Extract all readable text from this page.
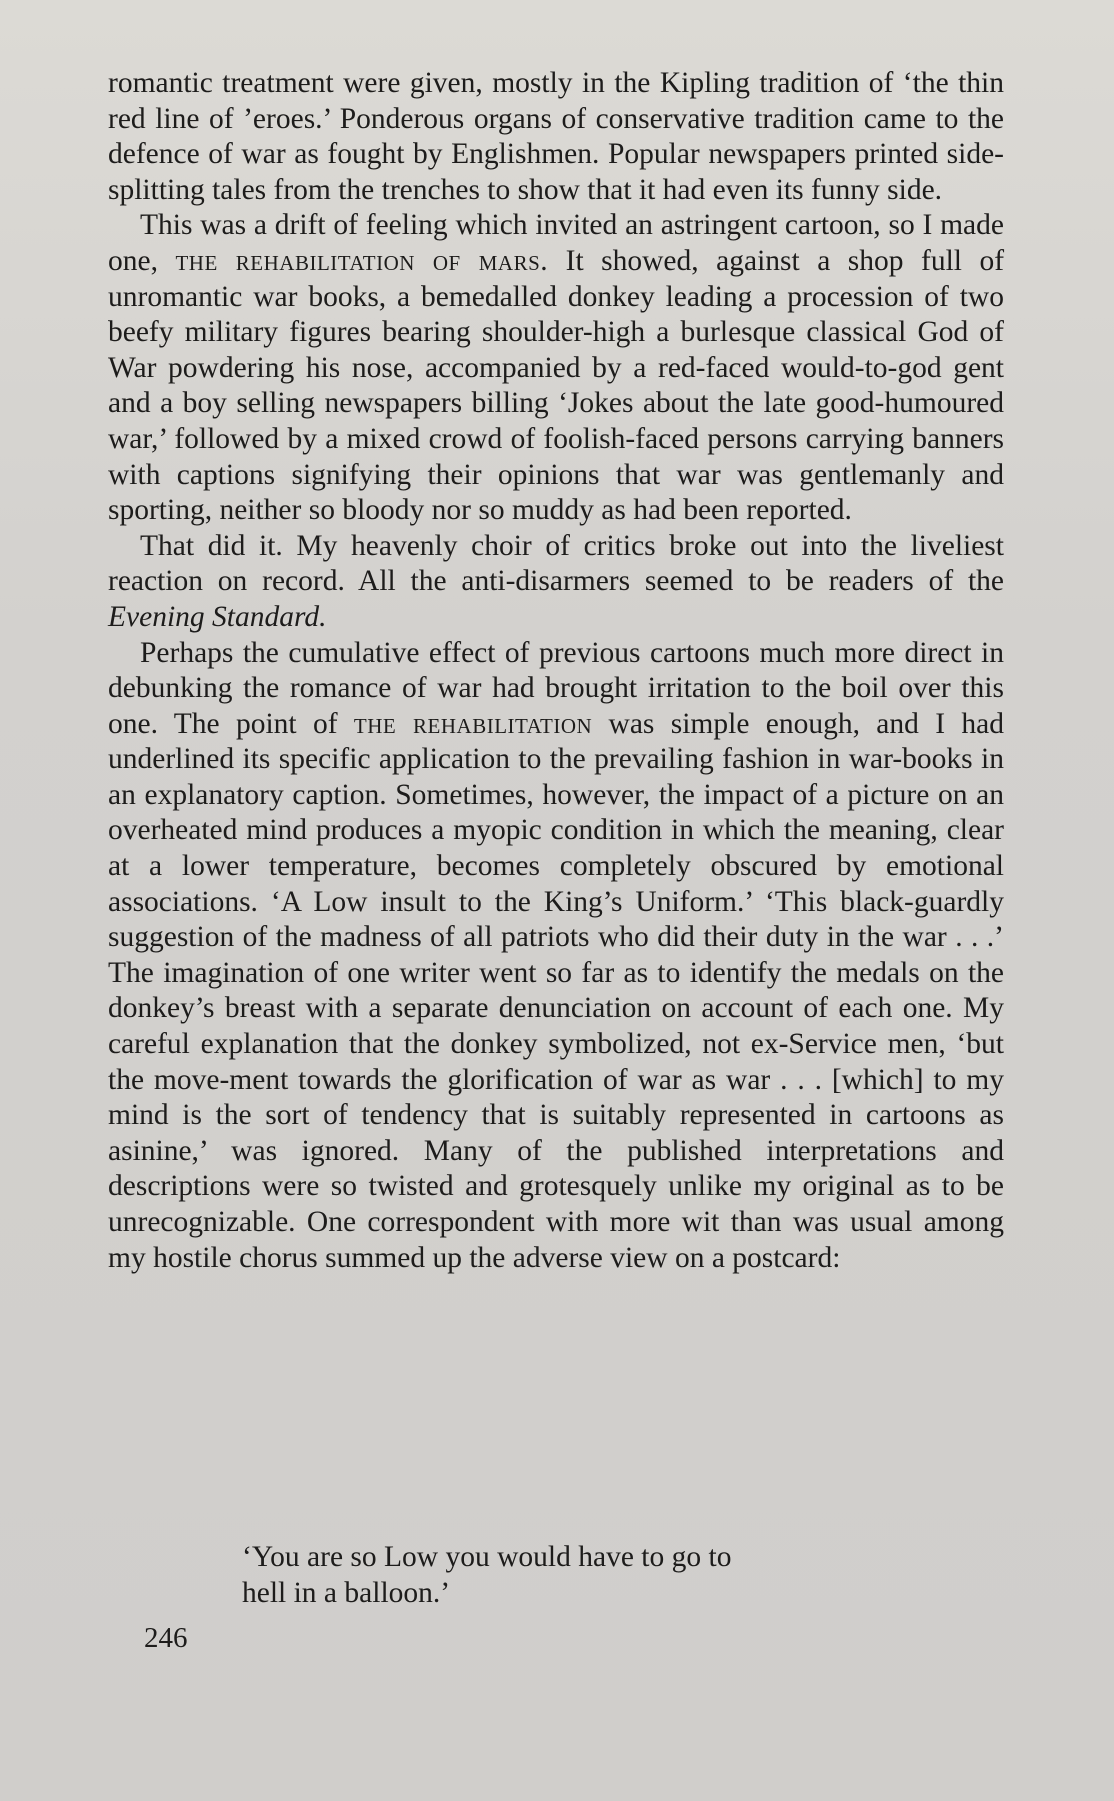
romantic treatment were given, mostly in the Kipling tradition of ‘the thin red line of ’eroes.’ Ponderous organs of conservative tradition came to the defence of war as fought by Englishmen. Popular newspapers printed side-splitting tales from the trenches to show that it had even its funny side.

This was a drift of feeling which invited an astringent cartoon, so I made one, the rehabilitation of mars. It showed, against a shop full of unromantic war books, a bemedalled donkey leading a procession of two beefy military figures bearing shoulder-high a burlesque classical God of War powdering his nose, accompanied by a red-faced would-to-god gent and a boy selling newspapers billing ‘Jokes about the late good-humoured war,’ followed by a mixed crowd of foolish-faced persons carrying banners with captions signifying their opinions that war was gentlemanly and sporting, neither so bloody nor so muddy as had been reported.

That did it. My heavenly choir of critics broke out into the liveliest reaction on record. All the anti-disarmers seemed to be readers of the Evening Standard.

Perhaps the cumulative effect of previous cartoons much more direct in debunking the romance of war had brought irritation to the boil over this one. The point of the rehabilitation was simple enough, and I had underlined its specific application to the prevailing fashion in war-books in an explanatory caption. Sometimes, however, the impact of a picture on an overheated mind produces a myopic condition in which the meaning, clear at a lower temperature, becomes completely obscured by emotional associations. ‘A Low insult to the King’s Uniform.’ ‘This black-guardly suggestion of the madness of all patriots who did their duty in the war . . .’ The imagination of one writer went so far as to identify the medals on the donkey’s breast with a separate denunciation on account of each one. My careful explanation that the donkey symbolized, not ex-Service men, ‘but the move-ment towards the glorification of war as war . . . [which] to my mind is the sort of tendency that is suitably represented in cartoons as asinine,’ was ignored. Many of the published interpretations and descriptions were so twisted and grotesquely unlike my original as to be unrecognizable. One correspondent with more wit than was usual among my hostile chorus summed up the adverse view on a postcard:

‘You are so Low you would have to go to
hell in a balloon.’
246
